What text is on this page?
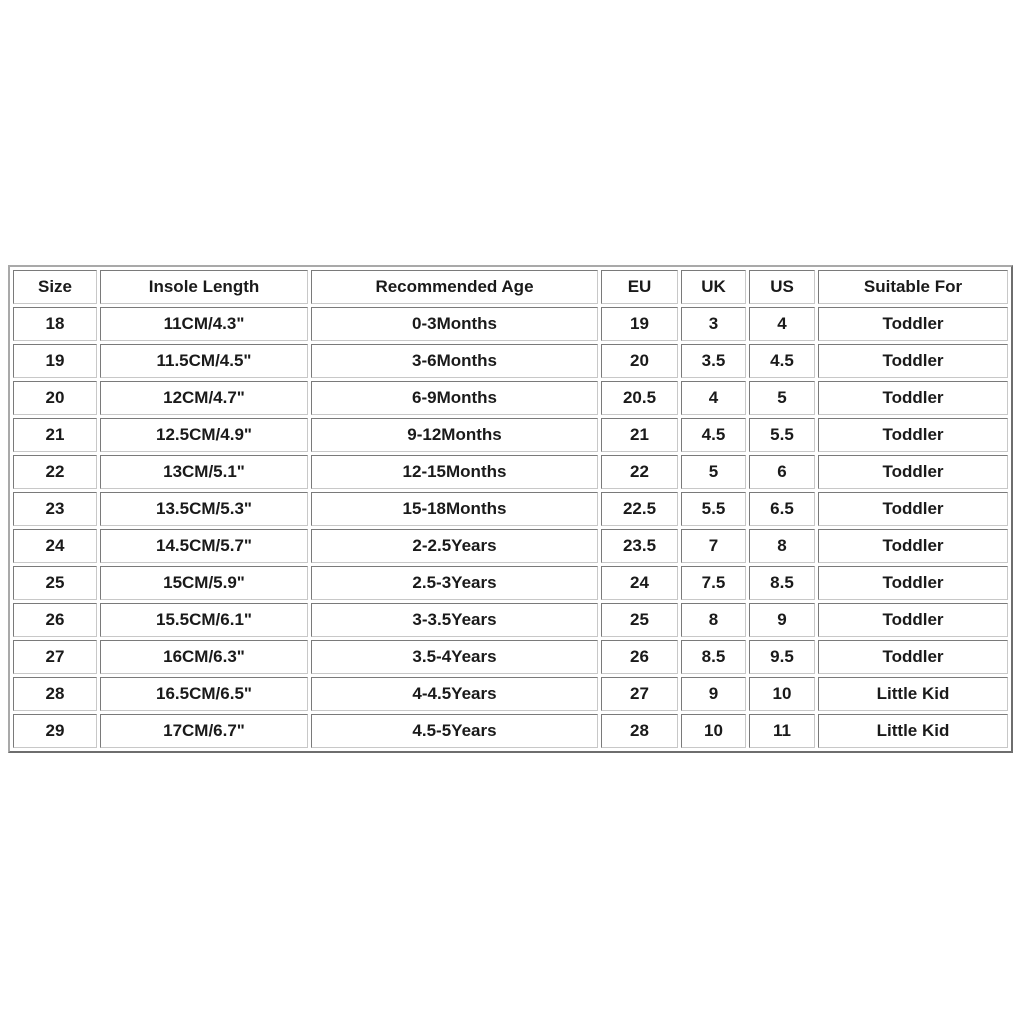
Size	Insole Length	Recommended Age	EU	UK	US	Suitable For
18	11CM/4.3"	0-3Months	19	3	4	Toddler
19	11.5CM/4.5"	3-6Months	20	3.5	4.5	Toddler
20	12CM/4.7"	6-9Months	20.5	4	5	Toddler
21	12.5CM/4.9"	9-12Months	21	4.5	5.5	Toddler
22	13CM/5.1"	12-15Months	22	5	6	Toddler
23	13.5CM/5.3"	15-18Months	22.5	5.5	6.5	Toddler
24	14.5CM/5.7"	2-2.5Years	23.5	7	8	Toddler
25	15CM/5.9"	2.5-3Years	24	7.5	8.5	Toddler
26	15.5CM/6.1"	3-3.5Years	25	8	9	Toddler
27	16CM/6.3"	3.5-4Years	26	8.5	9.5	Toddler
28	16.5CM/6.5"	4-4.5Years	27	9	10	Little Kid
29	17CM/6.7"	4.5-5Years	28	10	11	Little Kid
